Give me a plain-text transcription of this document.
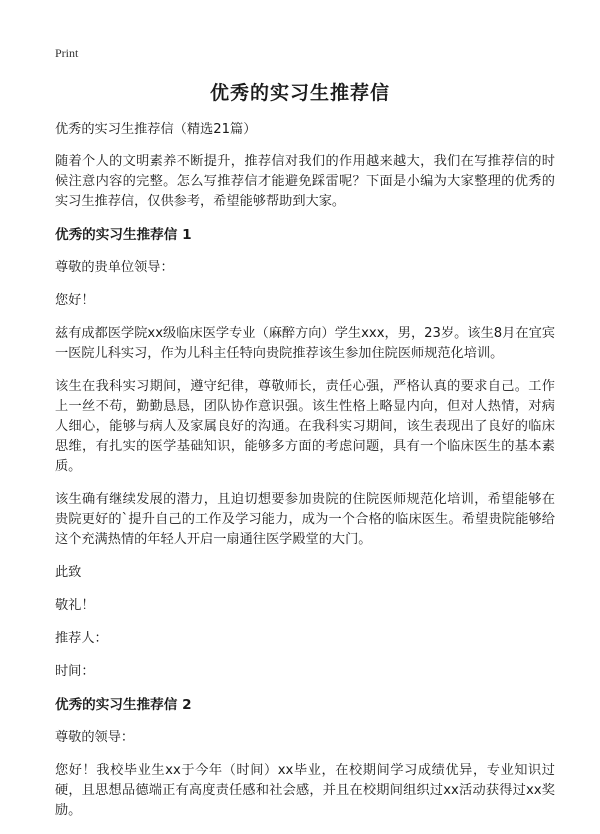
Print
优秀的实习生推荐信

优秀的实习生推荐信（精选21篇）

随着个人的文明素养不断提升，推荐信对我们的作用越来越大，我们在写推荐信的时候注意内容的完整。怎么写推荐信才能避免踩雷呢？下面是小编为大家整理的优秀的实习生推荐信，仅供参考，希望能够帮助到大家。

优秀的实习生推荐信 1

尊敬的贵单位领导：

您好！

兹有成都医学院xx级临床医学专业（麻醉方向）学生xxx，男，23岁。该生8月在宜宾一医院儿科实习，作为儿科主任特向贵院推荐该生参加住院医师规范化培训。

该生在我科实习期间，遵守纪律，尊敬师长，责任心强，严格认真的要求自己。工作上一丝不苟，勤勤恳恳，团队协作意识强。该生性格上略显内向，但对人热情，对病人细心，能够与病人及家属良好的沟通。在我科实习期间，该生表现出了良好的临床思维，有扎实的医学基础知识，能够多方面的考虑问题，具有一个临床医生的基本素质。

该生确有继续发展的潜力，且迫切想要参加贵院的住院医师规范化培训，希望能够在贵院更好的`提升自己的工作及学习能力，成为一个合格的临床医生。希望贵院能够给这个充满热情的年轻人开启一扇通往医学殿堂的大门。

此致

敬礼！

推荐人：

时间：

优秀的实习生推荐信 2

尊敬的领导：

您好！我校毕业生xx于今年（时间）xx毕业，在校期间学习成绩优异，专业知识过硬，且思想品德端正有高度责任感和社会感，并且在校期间组织过xx活动获得过xx奖励。
